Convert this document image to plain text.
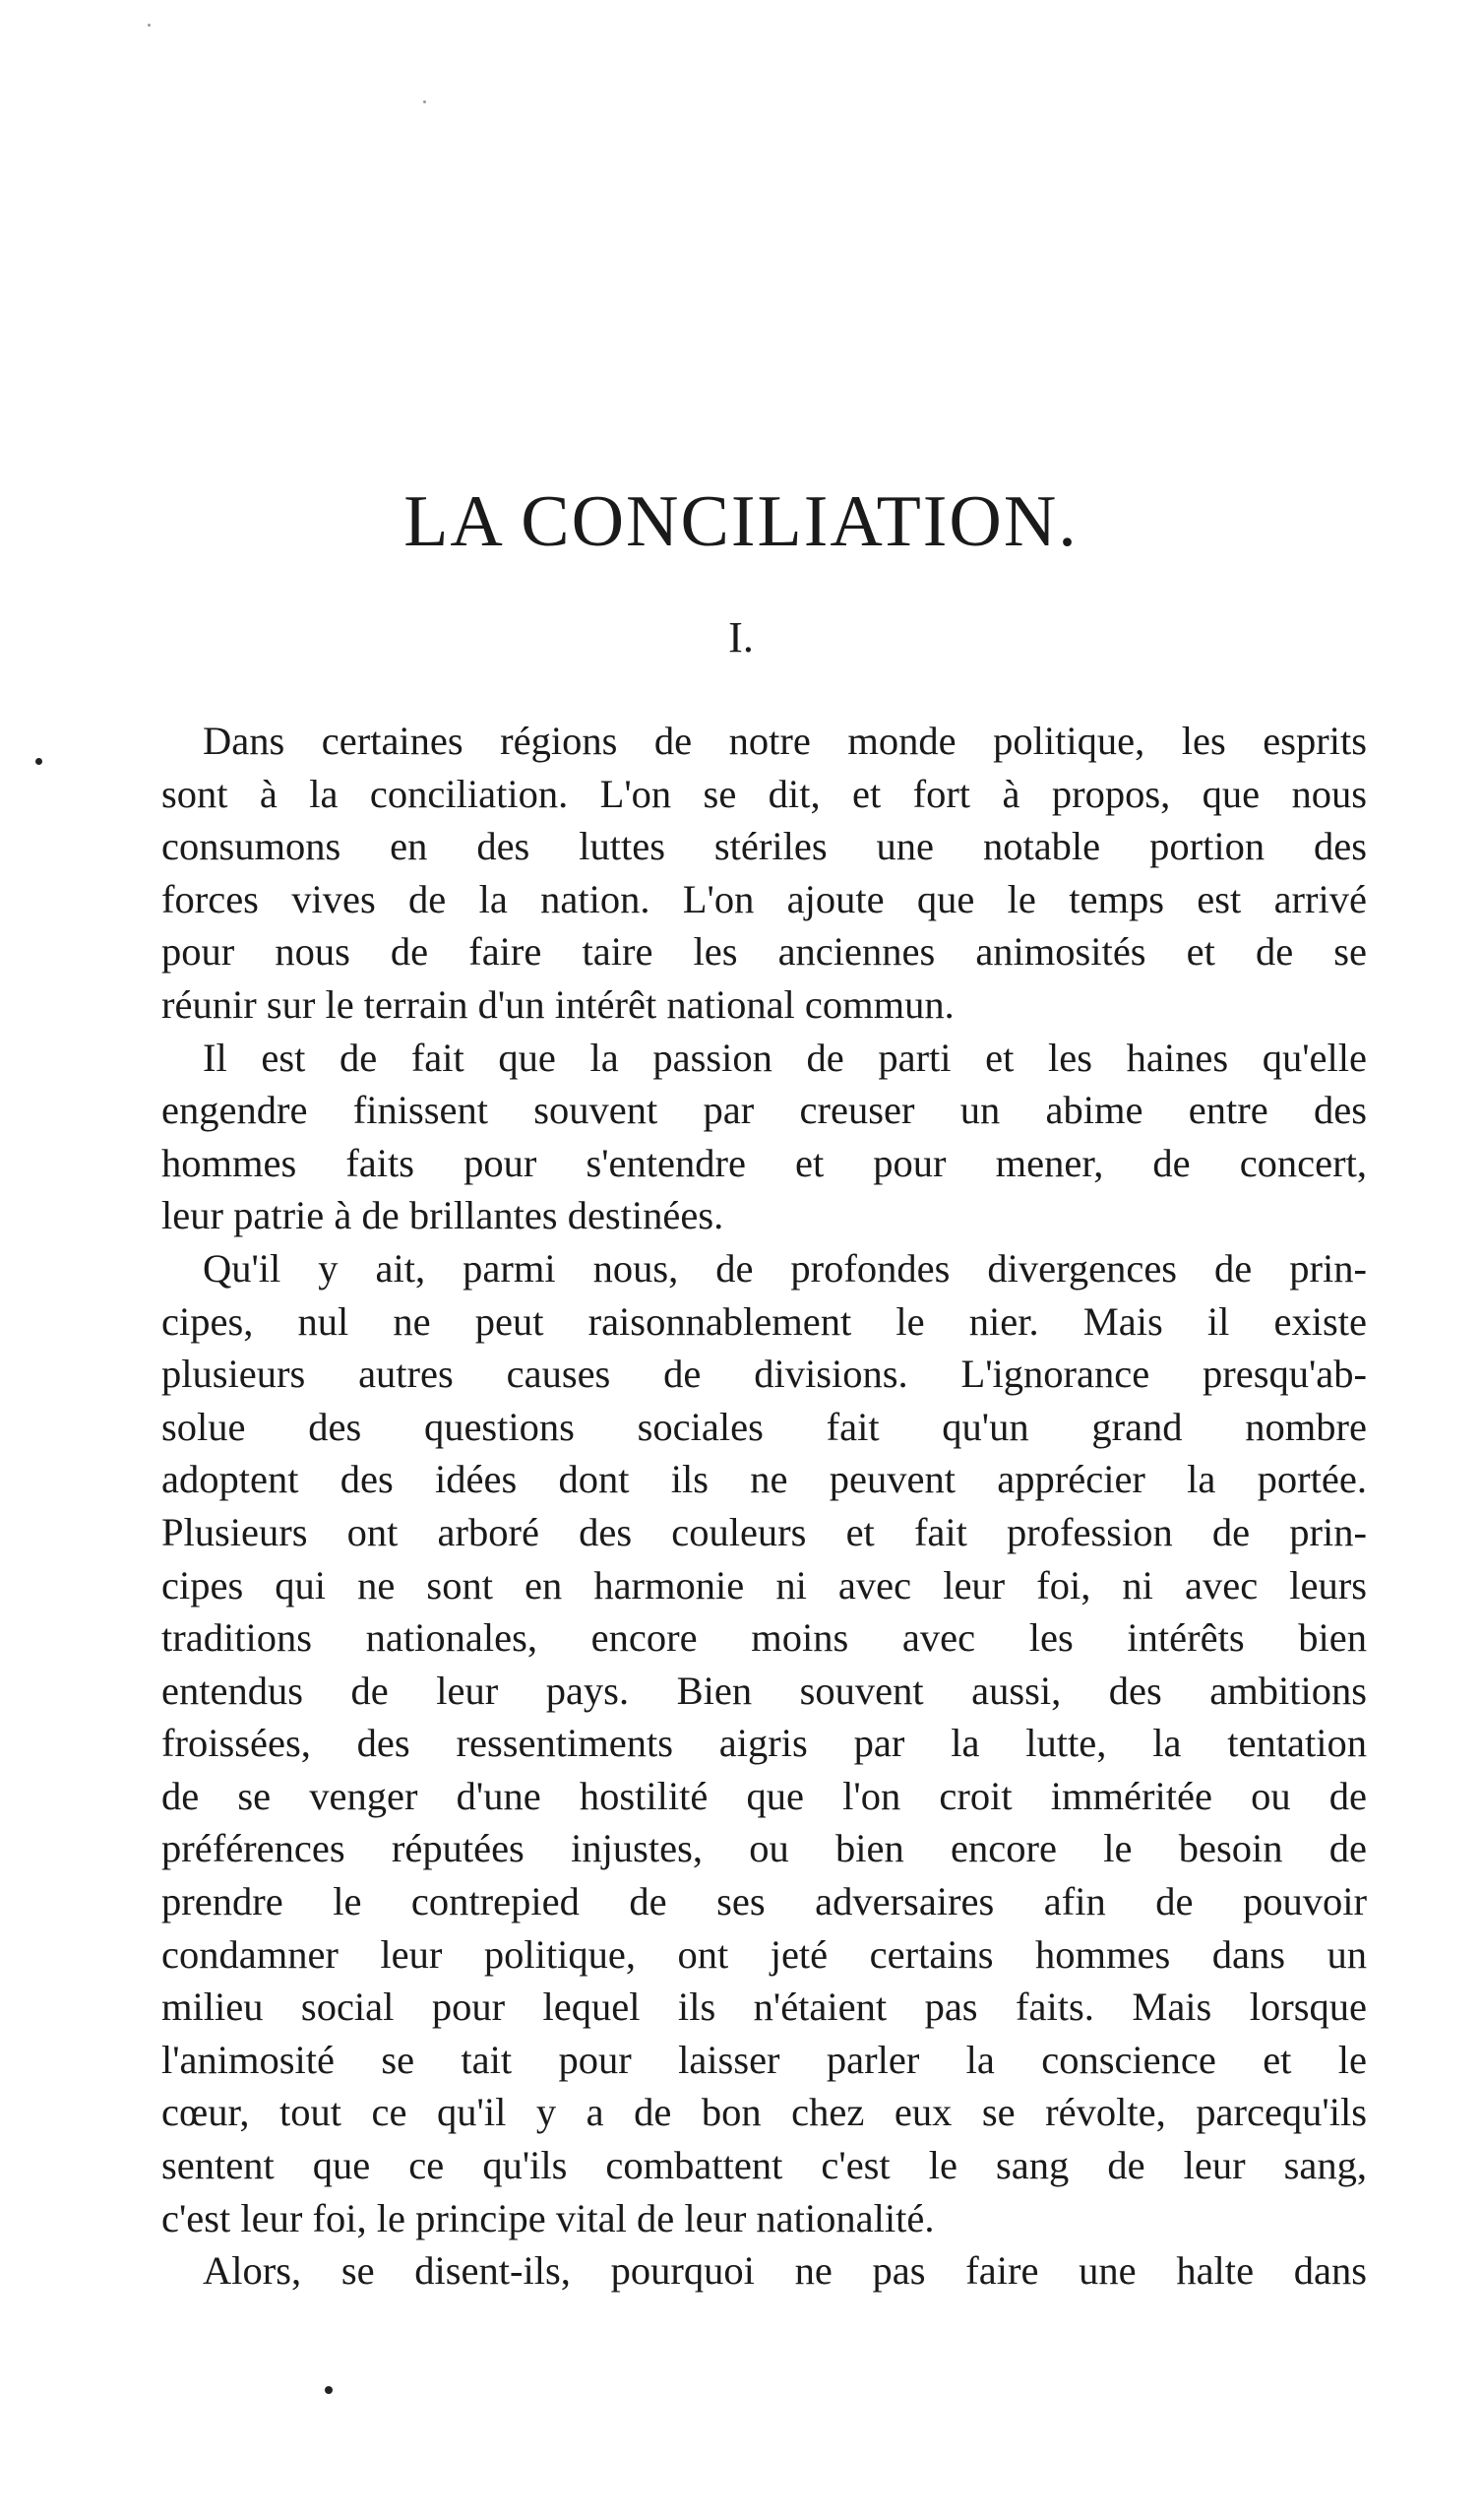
LA CONCILIATION.
I.

Dans certaines régions de notre monde politique, les esprits
sont à la conciliation. L'on se dit, et fort à propos, que nous
consumons en des luttes stériles une notable portion des
forces vives de la nation. L'on ajoute que le temps est arrivé
pour nous de faire taire les anciennes animosités et de se
réunir sur le terrain d'un intérêt national commun.

Il est de fait que la passion de parti et les haines qu'elle
engendre finissent souvent par creuser un abime entre des
hommes faits pour s'entendre et pour mener, de concert,
leur patrie à de brillantes destinées.

Qu'il y ait, parmi nous, de profondes divergences de prin-
cipes, nul ne peut raisonnablement le nier. Mais il existe
plusieurs autres causes de divisions. L'ignorance presqu'ab-
solue des questions sociales fait qu'un grand nombre
adoptent des idées dont ils ne peuvent apprécier la portée.
Plusieurs ont arboré des couleurs et fait profession de prin-
cipes qui ne sont en harmonie ni avec leur foi, ni avec leurs
traditions nationales, encore moins avec les intérêts bien
entendus de leur pays. Bien souvent aussi, des ambitions
froissées, des ressentiments aigris par la lutte, la tentation
de se venger d'une hostilité que l'on croit imméritée ou de
préférences réputées injustes, ou bien encore le besoin de
prendre le contrepied de ses adversaires afin de pouvoir
condamner leur politique, ont jeté certains hommes dans un
milieu social pour lequel ils n'étaient pas faits. Mais lorsque
l'animosité se tait pour laisser parler la conscience et le
cœur, tout ce qu'il y a de bon chez eux se révolte, parcequ'ils
sentent que ce qu'ils combattent c'est le sang de leur sang,
c'est leur foi, le principe vital de leur nationalité.

Alors, se disent-ils, pourquoi ne pas faire une halte dans
